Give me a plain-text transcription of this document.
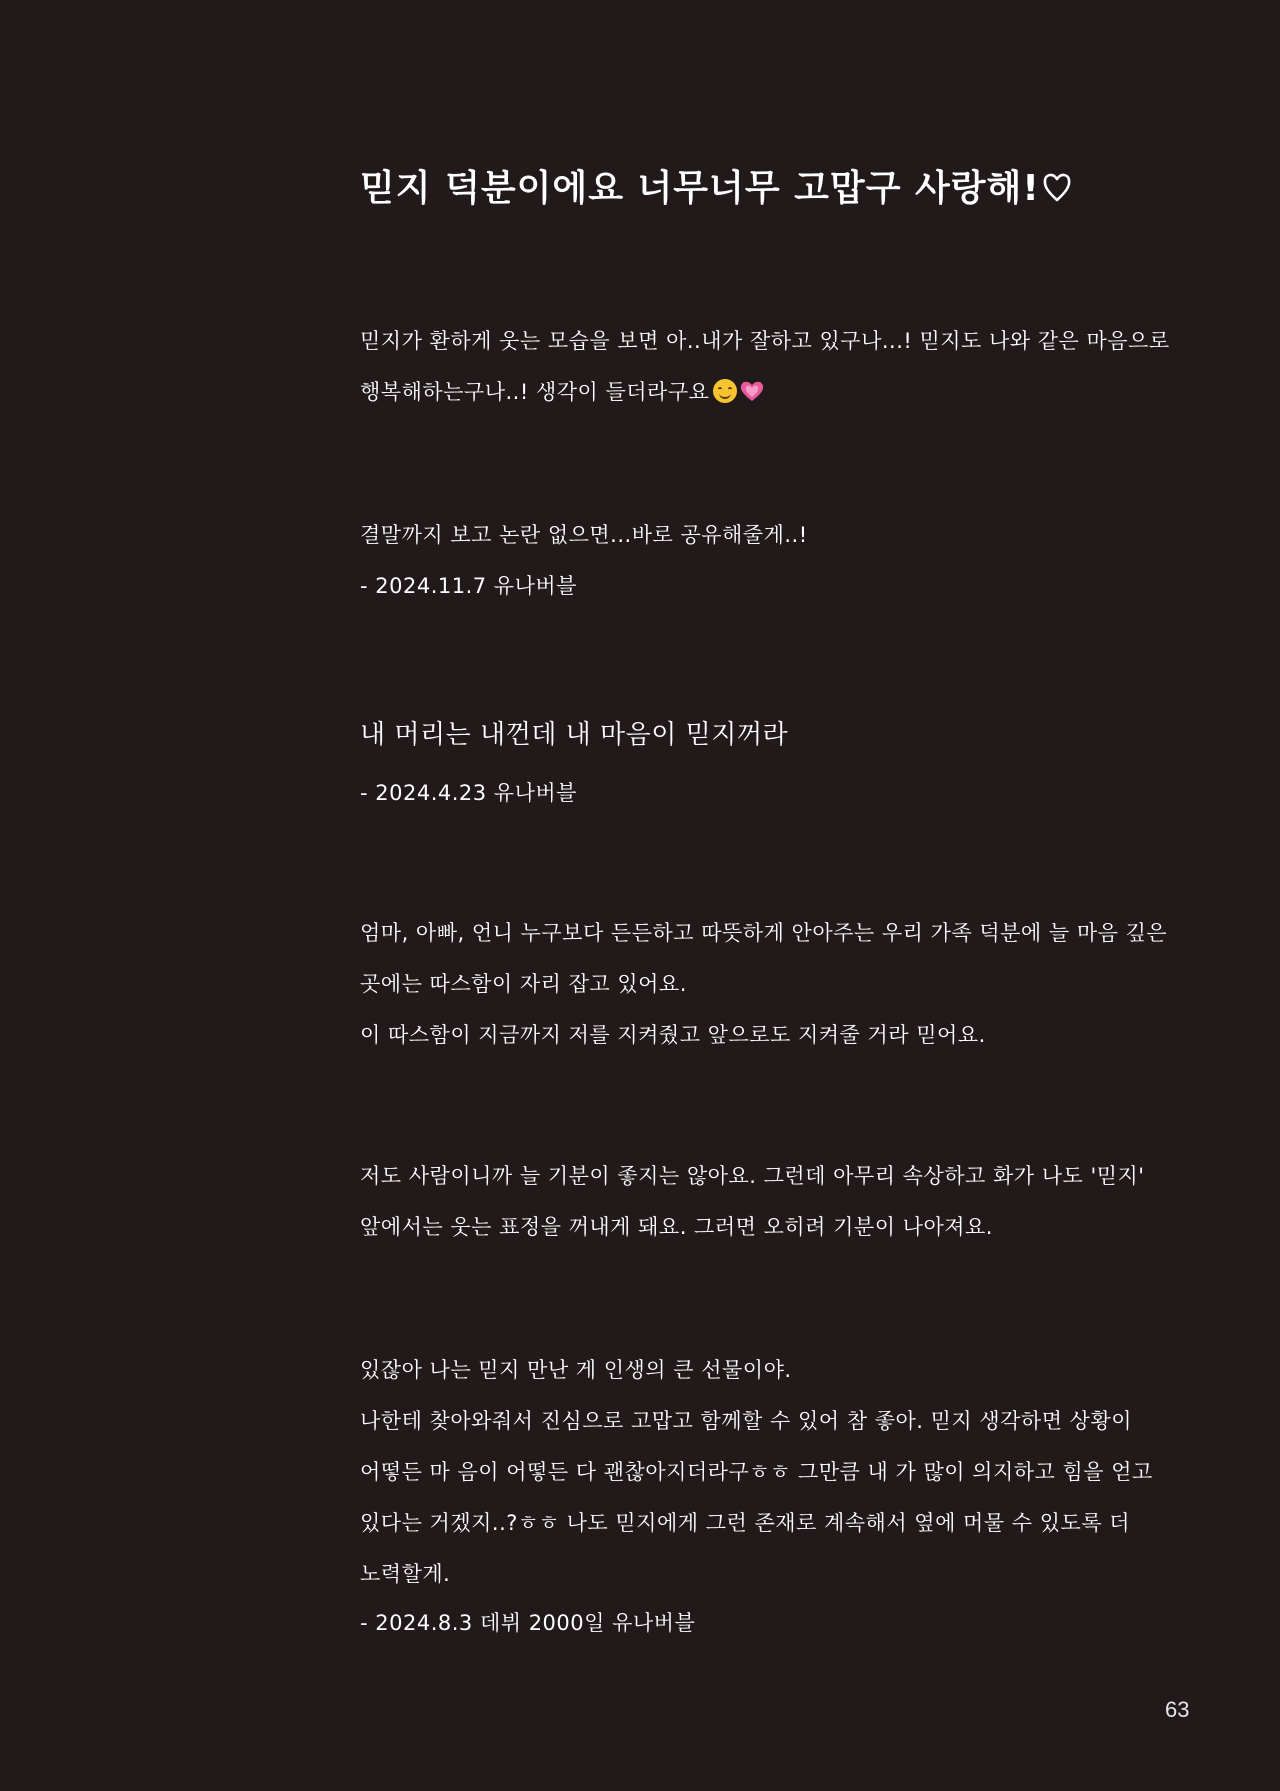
믿지 덕분이에요 너무너무 고맙구 사랑해!
믿지가 환하게 웃는 모습을 보면 아..내가 잘하고 있구나...! 믿지도 나와 같은 마음으로
행복해하는구나..! 생각이 들더라구요
결말까지 보고 논란 없으면...바로 공유해줄게..!
- 2024.11.7 유나버블
내 머리는 내껀데 내 마음이 믿지꺼라
- 2024.4.23 유나버블
엄마, 아빠, 언니 누구보다 든든하고 따뜻하게 안아주는 우리 가족 덕분에 늘 마음 깊은
곳에는 따스함이 자리 잡고 있어요.
이 따스함이 지금까지 저를 지켜줬고 앞으로도 지켜줄 거라 믿어요.
저도 사람이니까 늘 기분이 좋지는 않아요. 그런데 아무리 속상하고 화가 나도 '믿지'
앞에서는 웃는 표정을 꺼내게 돼요. 그러면 오히려 기분이 나아져요.
있잖아 나는 믿지 만난 게 인생의 큰 선물이야.
나한테 찾아와줘서 진심으로 고맙고 함께할 수 있어 참 좋아. 믿지 생각하면 상황이
어떻든 마 음이 어떻든 다 괜찮아지더라구ㅎㅎ 그만큼 내 가 많이 의지하고 힘을 얻고
있다는 거겠지..?ㅎㅎ 나도 믿지에게 그런 존재로 계속해서 옆에 머물 수 있도록 더
노력할게.
- 2024.8.3 데뷔 2000일 유나버블
63
